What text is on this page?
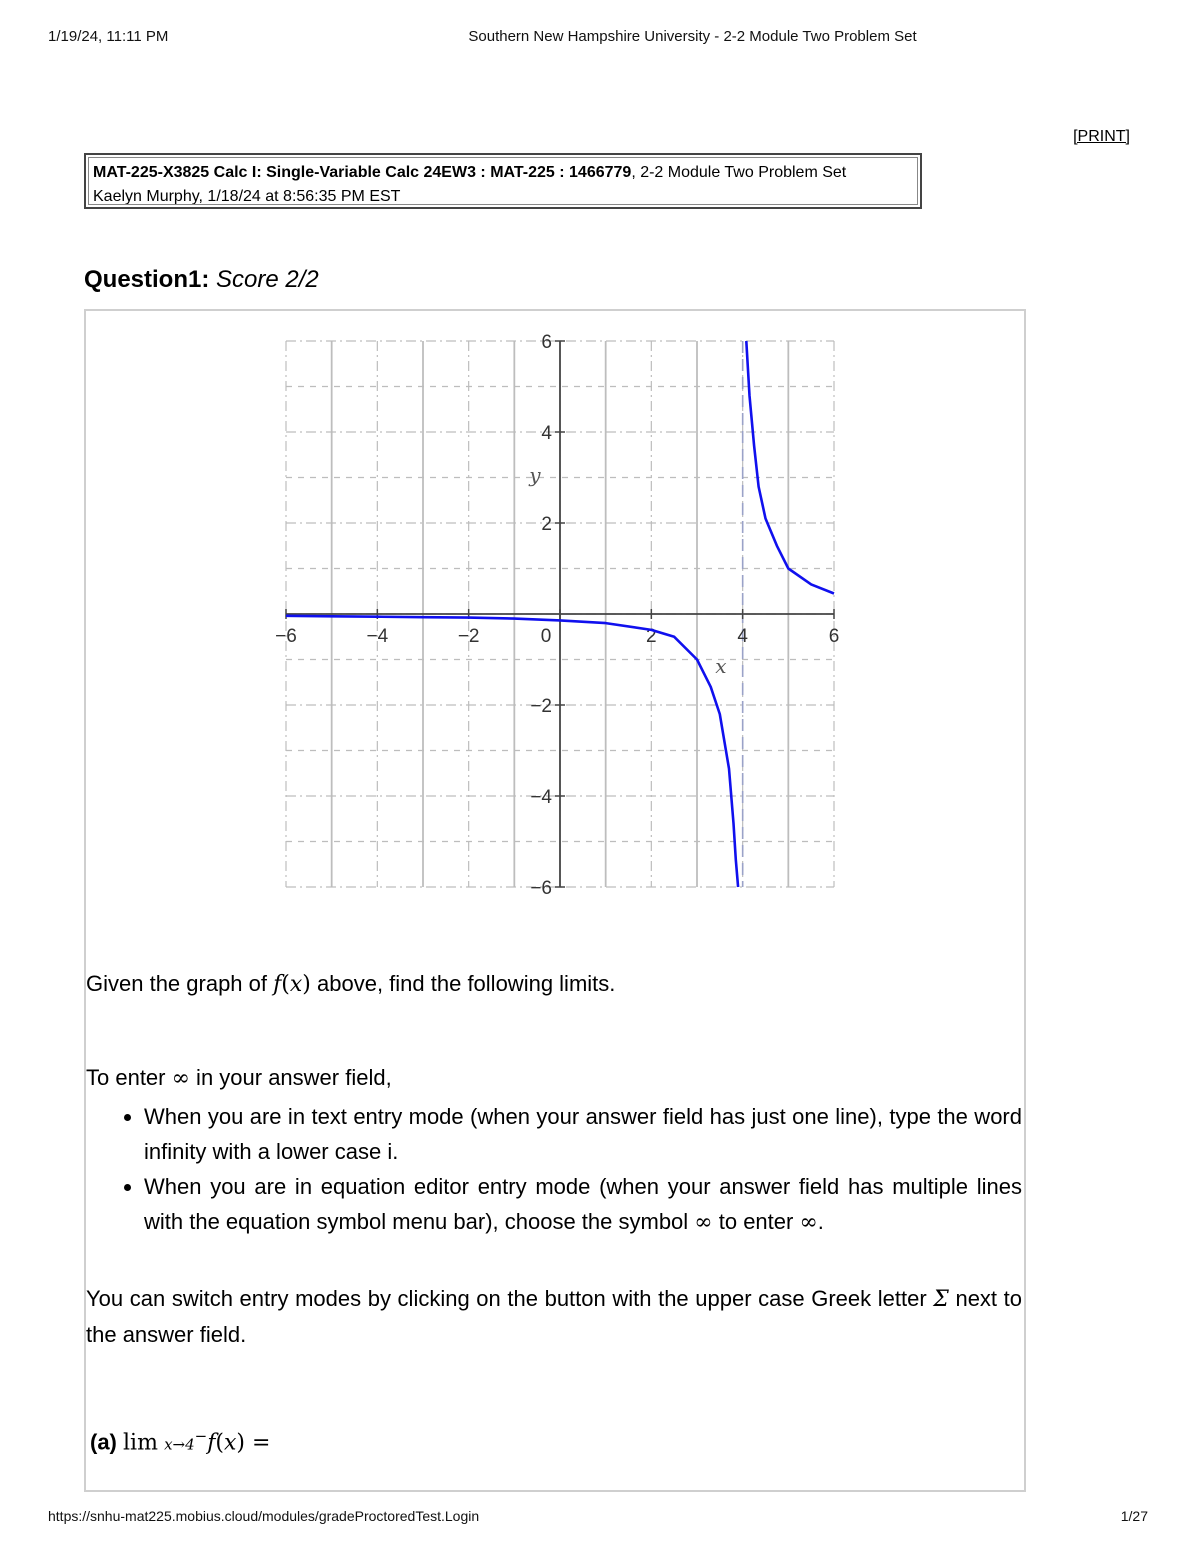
1/19/24, 11:11 PM	Southern New Hampshire University - 2-2 Module Two Problem Set
[PRINT]
MAT-225-X3825 Calc I: Single-Variable Calc 24EW3 : MAT-225 : 1466779, 2-2 Module Two Problem Set
Kaelyn Murphy, 1/18/24 at 8:56:35 PM EST
Question1: Score 2/2
−6	−4	−2	0	2	4	6
−6
−4
−2
2
4
6
x
y

Given the graph of f(x) above, find the following limits.

To enter ∞ in your answer field,

• When you are in text entry mode (when your answer field has just one line), type the word infinity with a lower case i.
• When you are in equation editor entry mode (when your answer field has multiple lines with the equation symbol menu bar), choose the symbol ∞ to enter ∞.

You can switch entry modes by clicking on the button with the upper case Greek letter Σ next to the answer field.

(a) lim x→4−f(x) =

https://snhu-mat225.mobius.cloud/modules/gradeProctoredTest.Login	1/27
